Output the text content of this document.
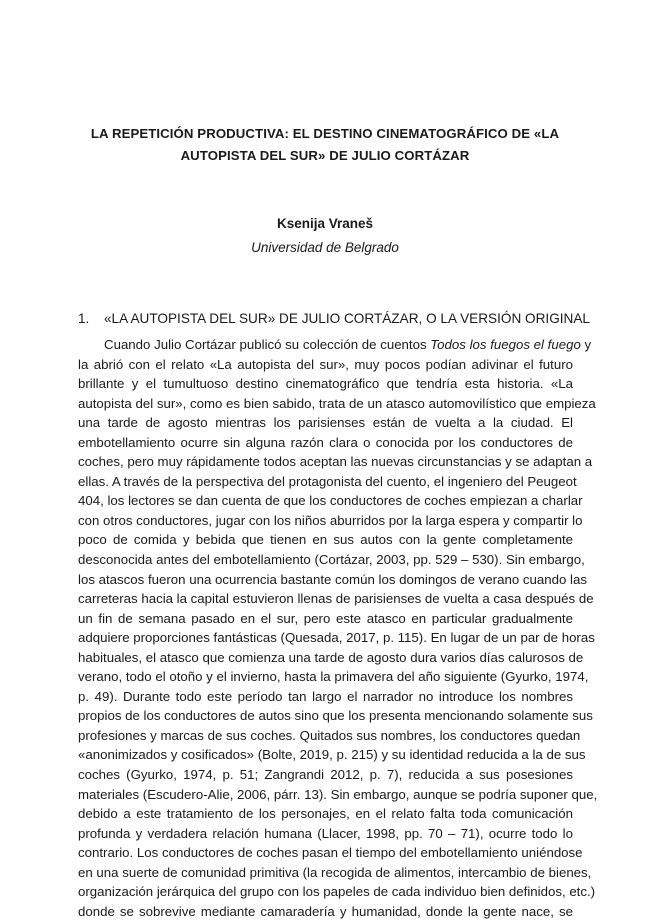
LA REPETICIÓN PRODUCTIVA: EL DESTINO CINEMATOGRÁFICO DE «LA
AUTOPISTA DEL SUR» DE JULIO CORTÁZAR
Ksenija Vraneš
Universidad de Belgrado
1. «LA AUTOPISTA DEL SUR» DE JULIO CORTÁZAR, O LA VERSIÓN ORIGINAL
Cuando Julio Cortázar publicó su colección de cuentos Todos los fuegos el fuego y
la abrió con el relato «La autopista del sur», muy pocos podían adivinar el futuro
brillante y el tumultuoso destino cinematográfico que tendría esta historia. «La
autopista del sur», como es bien sabido, trata de un atasco automovilístico que empieza
una tarde de agosto mientras los parisienses están de vuelta a la ciudad. El
embotellamiento ocurre sin alguna razón clara o conocida por los conductores de
coches, pero muy rápidamente todos aceptan las nuevas circunstancias y se adaptan a
ellas. A través de la perspectiva del protagonista del cuento, el ingeniero del Peugeot
404, los lectores se dan cuenta de que los conductores de coches empiezan a charlar
con otros conductores, jugar con los niños aburridos por la larga espera y compartir lo
poco de comida y bebida que tienen en sus autos con la gente completamente
desconocida antes del embotellamiento (Cortázar, 2003, pp. 529 – 530). Sin embargo,
los atascos fueron una ocurrencia bastante común los domingos de verano cuando las
carreteras hacia la capital estuvieron llenas de parisienses de vuelta a casa después de
un fin de semana pasado en el sur, pero este atasco en particular gradualmente
adquiere proporciones fantásticas (Quesada, 2017, p. 115). En lugar de un par de horas
habituales, el atasco que comienza una tarde de agosto dura varios días calurosos de
verano, todo el otoño y el invierno, hasta la primavera del año siguiente (Gyurko, 1974,
p. 49). Durante todo este período tan largo el narrador no introduce los nombres
propios de los conductores de autos sino que los presenta mencionando solamente sus
profesiones y marcas de sus coches. Quitados sus nombres, los conductores quedan
«anonimizados y cosificados» (Bolte, 2019, p. 215) y su identidad reducida a la de sus
coches (Gyurko, 1974, p. 51; Zangrandi 2012, p. 7), reducida a sus posesiones
materiales (Escudero-Alie, 2006, párr. 13). Sin embargo, aunque se podría suponer que,
debido a este tratamiento de los personajes, en el relato falta toda comunicación
profunda y verdadera relación humana (Llacer, 1998, pp. 70 – 71), ocurre todo lo
contrario. Los conductores de coches pasan el tiempo del embotellamiento uniéndose
en una suerte de comunidad primitiva (la recogida de alimentos, intercambio de bienes,
organización jerárquica del grupo con los papeles de cada individuo bien definidos, etc.)
donde se sobrevive mediante camaradería y humanidad, donde la gente nace, se
